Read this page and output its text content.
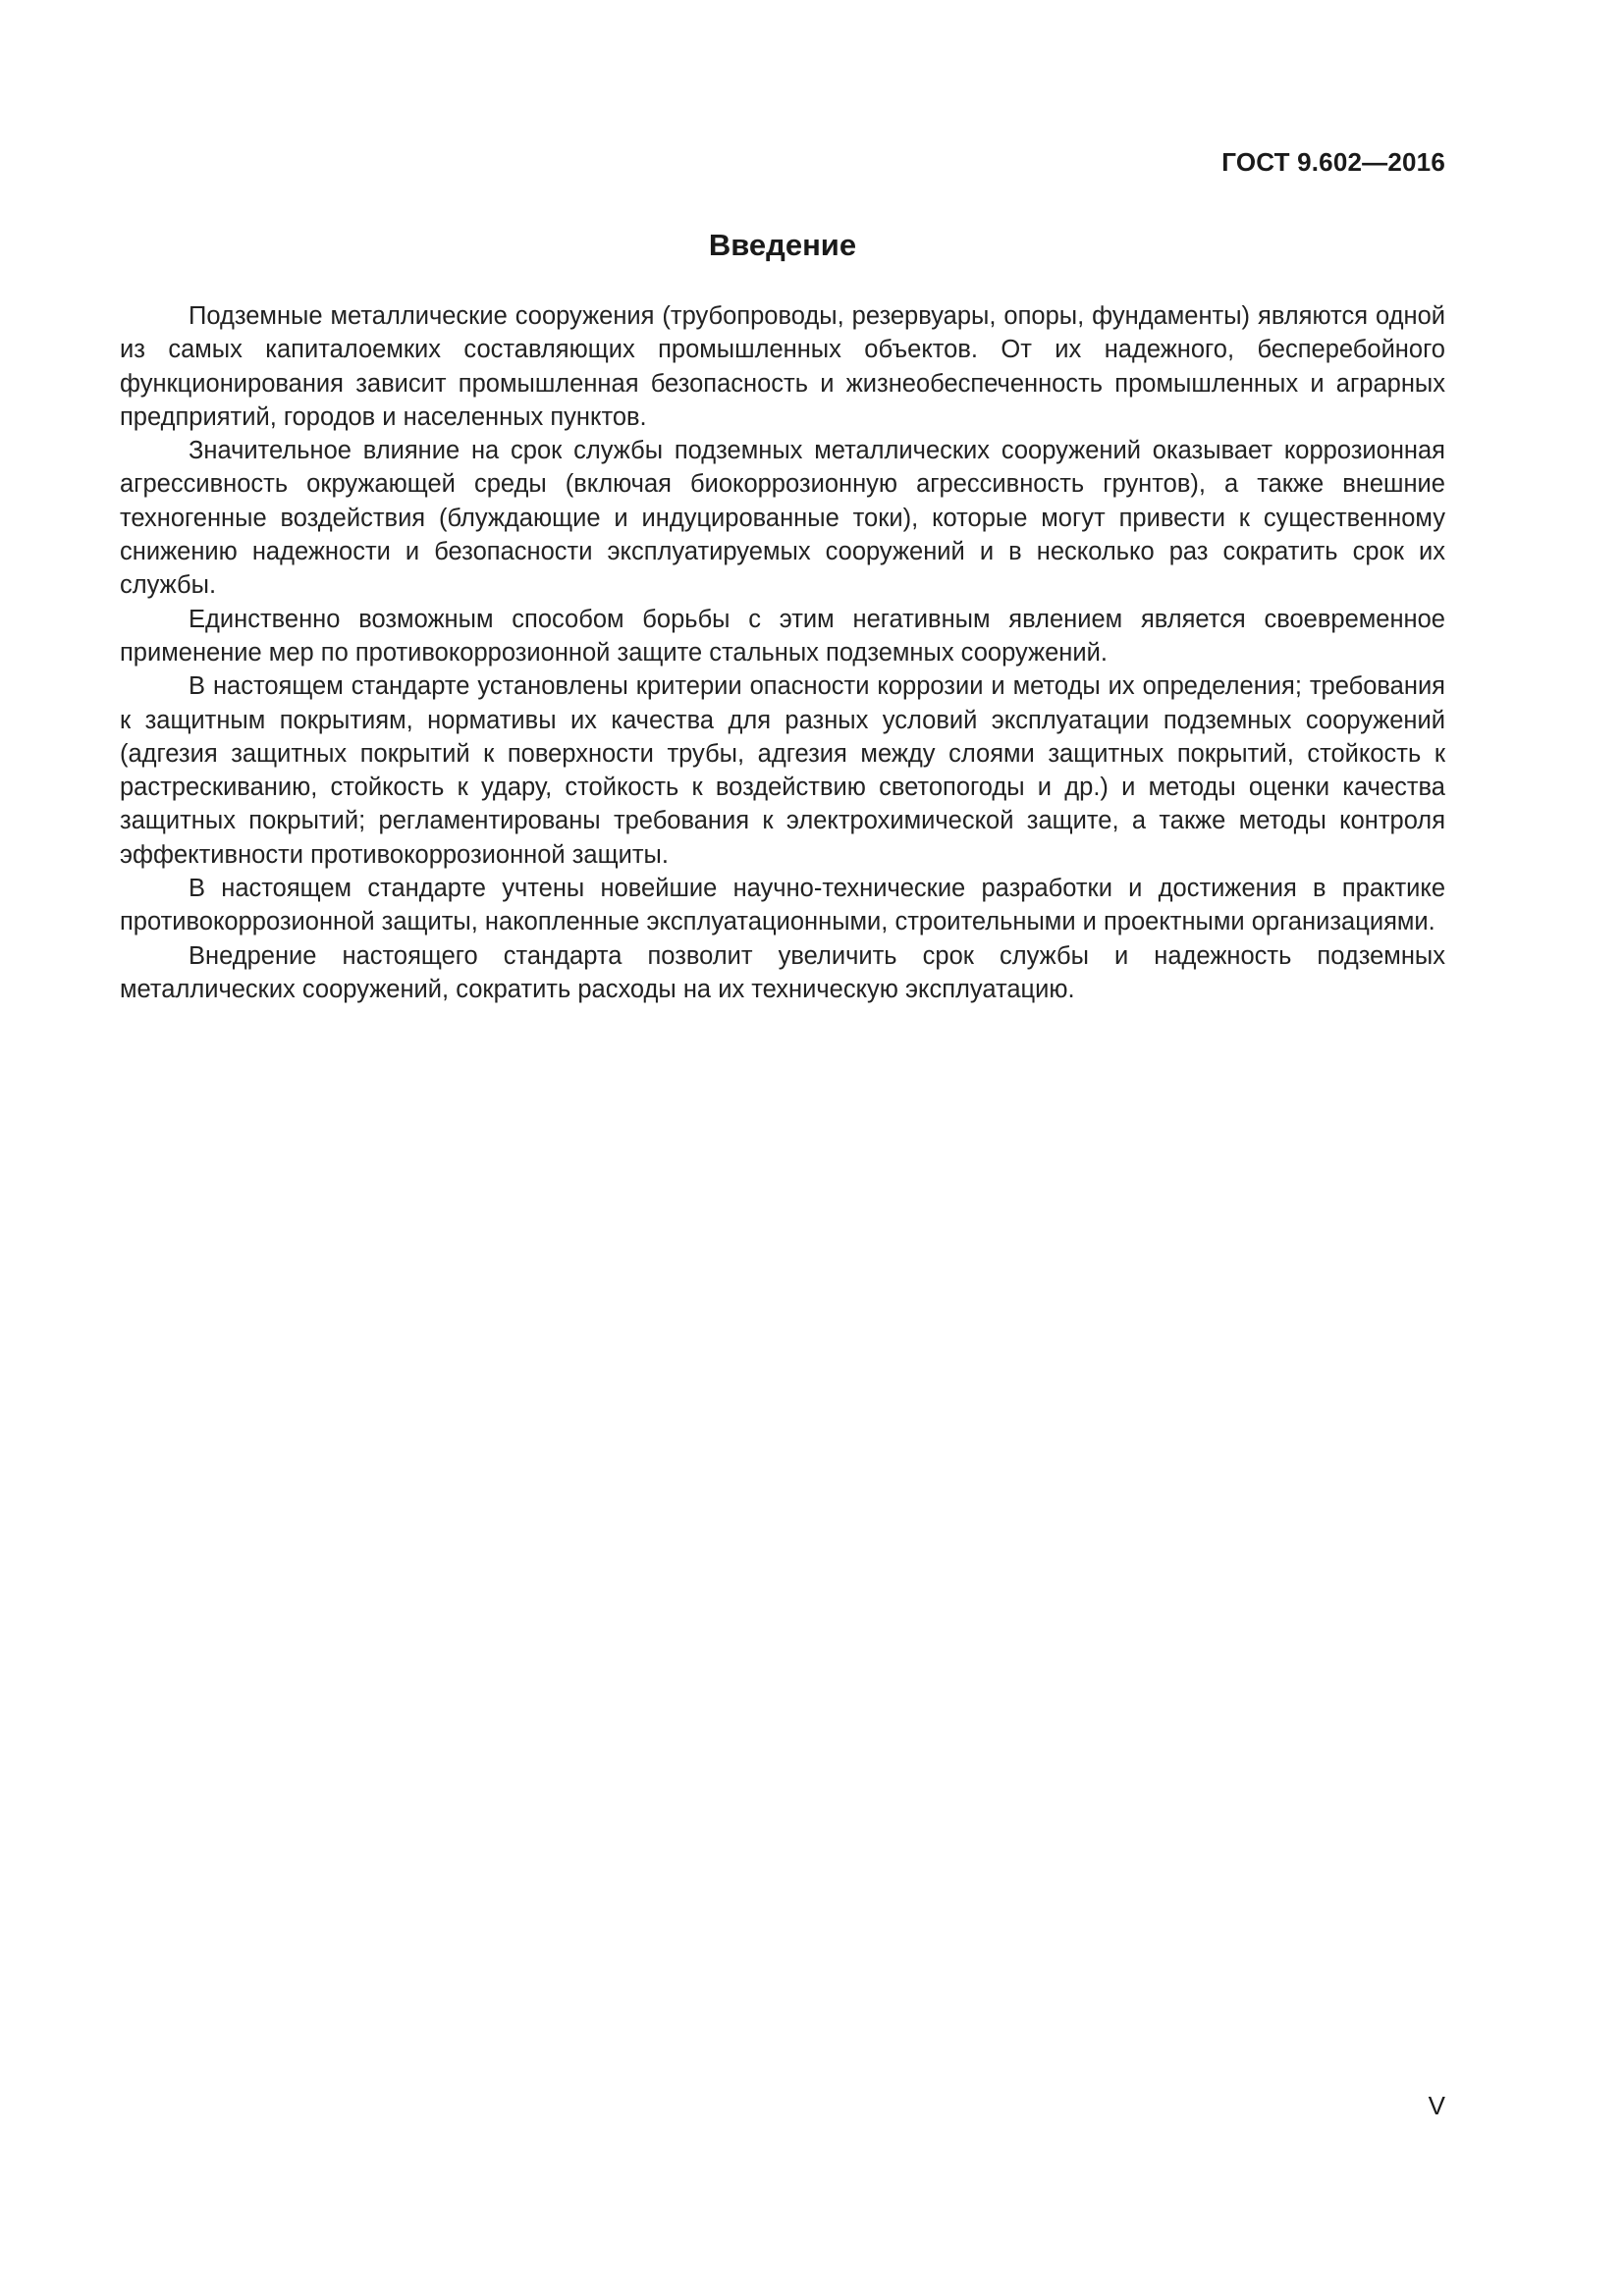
ГОСТ 9.602—2016
Введение

Подземные металлические сооружения (трубопроводы, резервуары, опоры, фундаменты) являются одной из самых капиталоемких составляющих промышленных объектов. От их надежного, бесперебойного функционирования зависит промышленная безопасность и жизнеобеспеченность промышленных и аграрных предприятий, городов и населенных пунктов.

Значительное влияние на срок службы подземных металлических сооружений оказывает коррозионная агрессивность окружающей среды (включая биокоррозионную агрессивность грунтов), а также внешние техногенные воздействия (блуждающие и индуцированные токи), которые могут привести к существенному снижению надежности и безопасности эксплуатируемых сооружений и в несколько раз сократить срок их службы.

Единственно возможным способом борьбы с этим негативным явлением является своевременное применение мер по противокоррозионной защите стальных подземных сооружений.

В настоящем стандарте установлены критерии опасности коррозии и методы их определения; требования к защитным покрытиям, нормативы их качества для разных условий эксплуатации подземных сооружений (адгезия защитных покрытий к поверхности трубы, адгезия между слоями защитных покрытий, стойкость к растрескиванию, стойкость к удару, стойкость к воздействию светопогоды и др.) и методы оценки качества защитных покрытий; регламентированы требования к электрохимической защите, а также методы контроля эффективности противокоррозионной защиты.

В настоящем стандарте учтены новейшие научно-технические разработки и достижения в практике противокоррозионной защиты, накопленные эксплуатационными, строительными и проектными организациями.

Внедрение настоящего стандарта позволит увеличить срок службы и надежность подземных металлических сооружений, сократить расходы на их техническую эксплуатацию.

V
